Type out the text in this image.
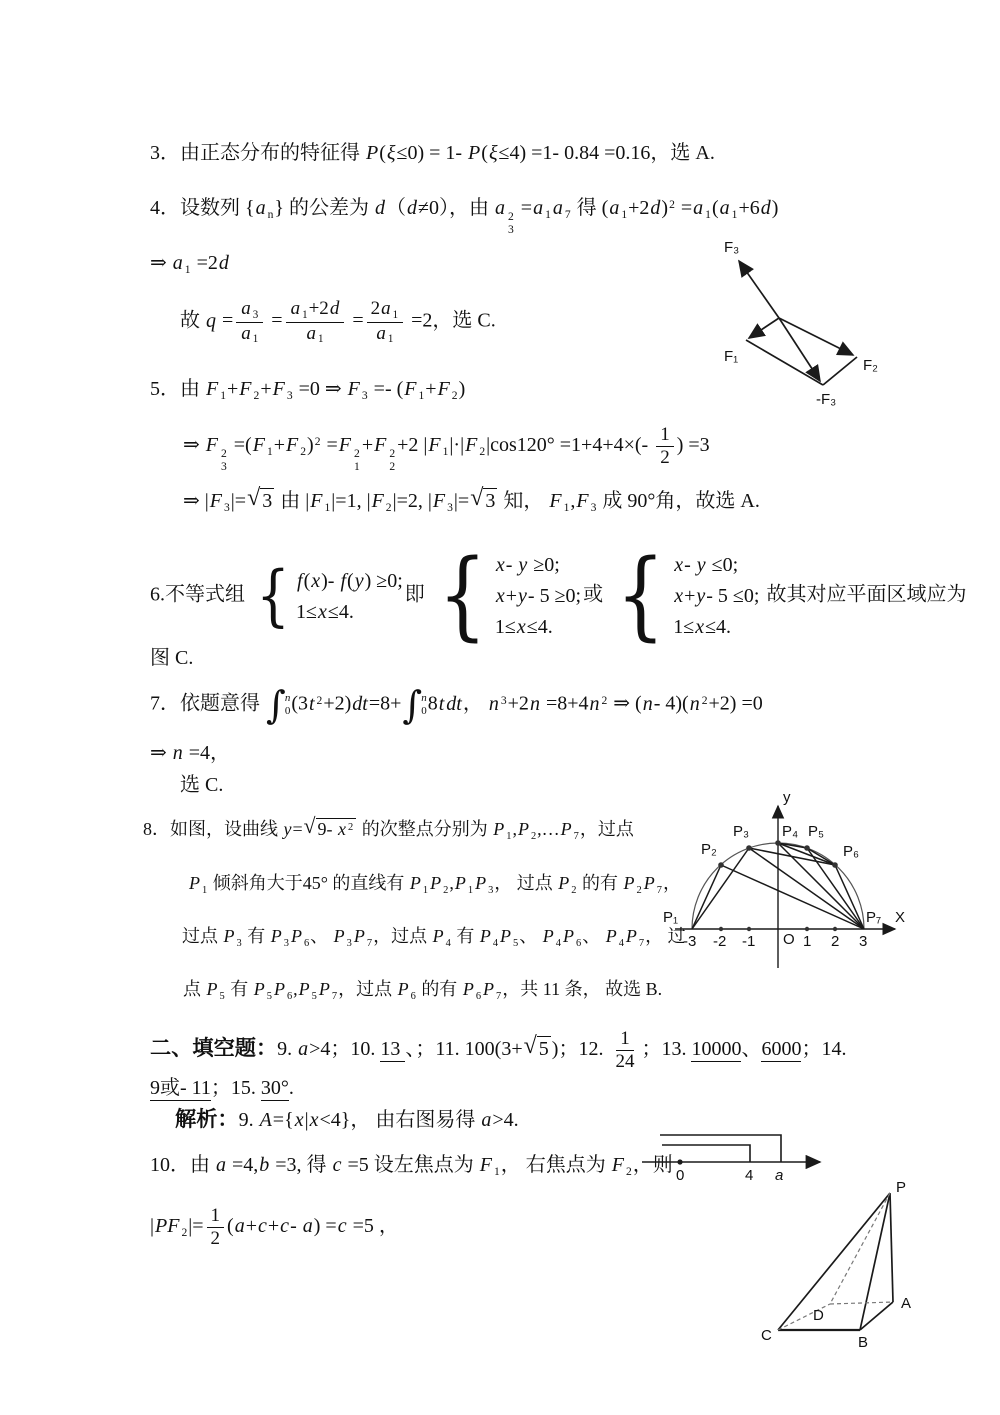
3．由正态分布的特征得 P(ξ≤0) = 1- P(ξ≤4) =1- 0.84 =0.16，选 A.
4．设数列 {a $_n$} 的公差为 d（d≠0），由 a 2
3
=a $_1$ a $_7$ 得 (a $_1$+2d)$^2$ =a $_1$(a $_1$+6d)
⇒ a $_1$ =2d
故 $q = \frac{a _3}{a _1} = \frac{a _1+2d}{a _1} = \frac{2a _1}{a _1} =2$，选 C.
5．由 F $_1$+F $_2$+F $_3$ =0 ⇒ F $_3$ =- (F $_1$+F $_2$)
⇒ F 2
3
=(F $_1$+F $_2$)$^2$ =F 2
1
+F 2
2
+2 |F $_1$|·|F $_2|\cos 120^\circ =1+4+4\times(- \frac{1}{2}$ ) =3
⇒ |F $_3$|= √ 3 由 |F $_1$|=1, |F $_2$|=2, |F $_3$|= √ 3 知， F $_1$,F $_3$ 成 90°角，故选 A.
6.不等式组 { f(x)- f(y) ≥0;
1≤x≤4.
即 { x- y ≥0;
x+y- 5 ≥0;
1≤x≤4.
或 { x- y ≤0;
x+y- 5 ≤0;
1≤x≤4.
故其对应平面区域应为
图 C.
7．依题意得 ∫ n
0 (3t $^2$+2)dt=8+ ∫ n
0 8t dt， n $^3$+2n =8+4n $^2$ ⇒ (n- 4)(n $^2$+2) =0
⇒ n =4，
选 C.
8．如图，设曲线 y= √ 9- x $^2$ 的次整点分别为 P $_1$,P $_2$,…P $_7$，过点
P $_1$ 倾斜角大于45° 的直线有 P $_1$ P $_2$,P $_1$ P $_3$， 过点 P $_2$ 的有 P $_2$ P $_7$，
过点 P $_3$ 有 P $_3$ P $_6$、 P $_3$ P $_7$，过点 P $_4$ 有 P $_4$ P $_5$、 P $_4$ P $_6$、 P $_4$ P $_7$， 过
点 P $_5$ 有 P $_5$ P $_6$,P $_5$ P $_7$，过点 P $_6$ 的有 P $_6$ P $_7$，共 11 条， 故选 B.
二、填空题：9. a>4；10. 13 、；11. 100(3+ √ 5 )；12. $\frac{1}{24}$ ；13. 10000、6000；14.
9或- 11；15. 30°.
解析：9. A={x|x<4}， 由右图易得 a>4.
10．由 a =4,b =3, 得 c =5 设左焦点为 F $_1$， 右焦点为 F $_2$，则
|PF $_2|= \frac{1}{2} (a+c+c-$ a) =c =5 ，
F₃
F₁
F₂
-F₃
y
X
O
-3 -2 -1	1 2 3
P₁
P₂
P₃ P₄ P₅
P₆
P₇
0	4 a
P
A
B
C
D
